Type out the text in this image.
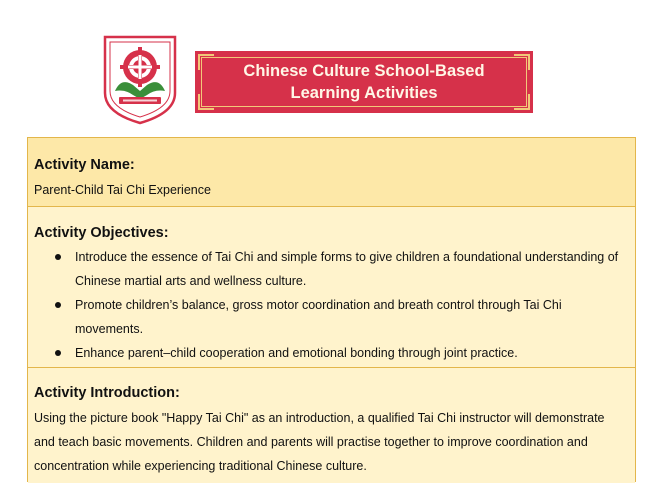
Chinese Culture School-Based
Learning Activities
Activity Name:
Parent-Child Tai Chi Experience
Activity Objectives:
Introduce the essence of Tai Chi and simple forms to give children a foundational understanding of Chinese martial arts and wellness culture.
Promote children’s balance, gross motor coordination and breath control through Tai Chi movements.
Enhance parent–child cooperation and emotional bonding through joint practice.
Activity Introduction:
Using the picture book "Happy Tai Chi" as an introduction, a qualified Tai Chi instructor will demonstrate and teach basic movements. Children and parents will practise together to improve coordination and concentration while experiencing traditional Chinese culture.
